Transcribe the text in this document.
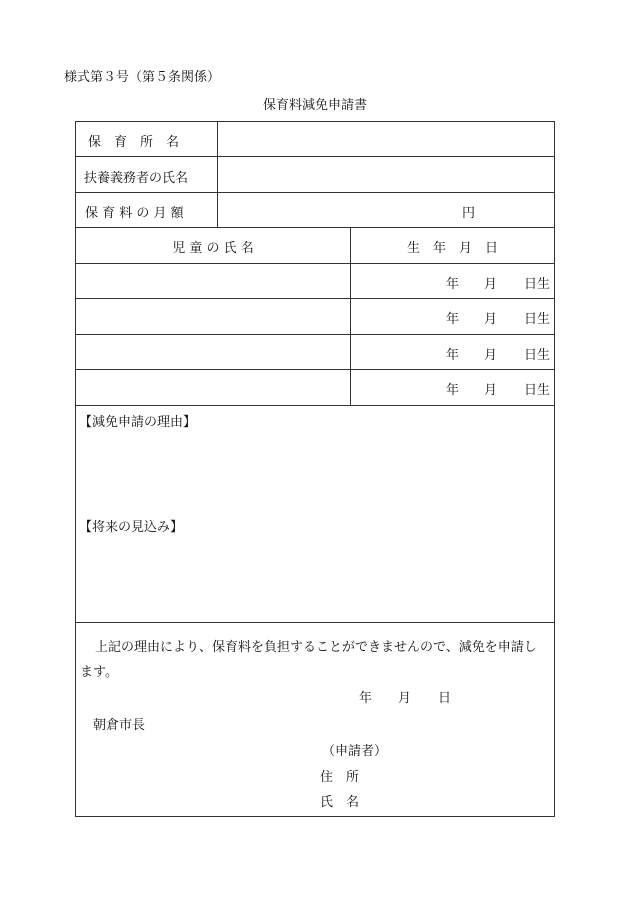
様式第３号（第５条関係）
保育料減免申請書
保　育　所　名
扶養義務者の氏名
保 育 料 の 月 額	円
児 童 の 氏 名	生　年　月　日
年 月 日生
年 月 日生
年 月 日生
年 月 日生
【減免申請の理由】
【将来の見込み】
上記の理由により、保育料を負担することができませんので、減免を申請し
ます。
年 月 日
朝倉市長
（申請者）
住　所
氏　名
